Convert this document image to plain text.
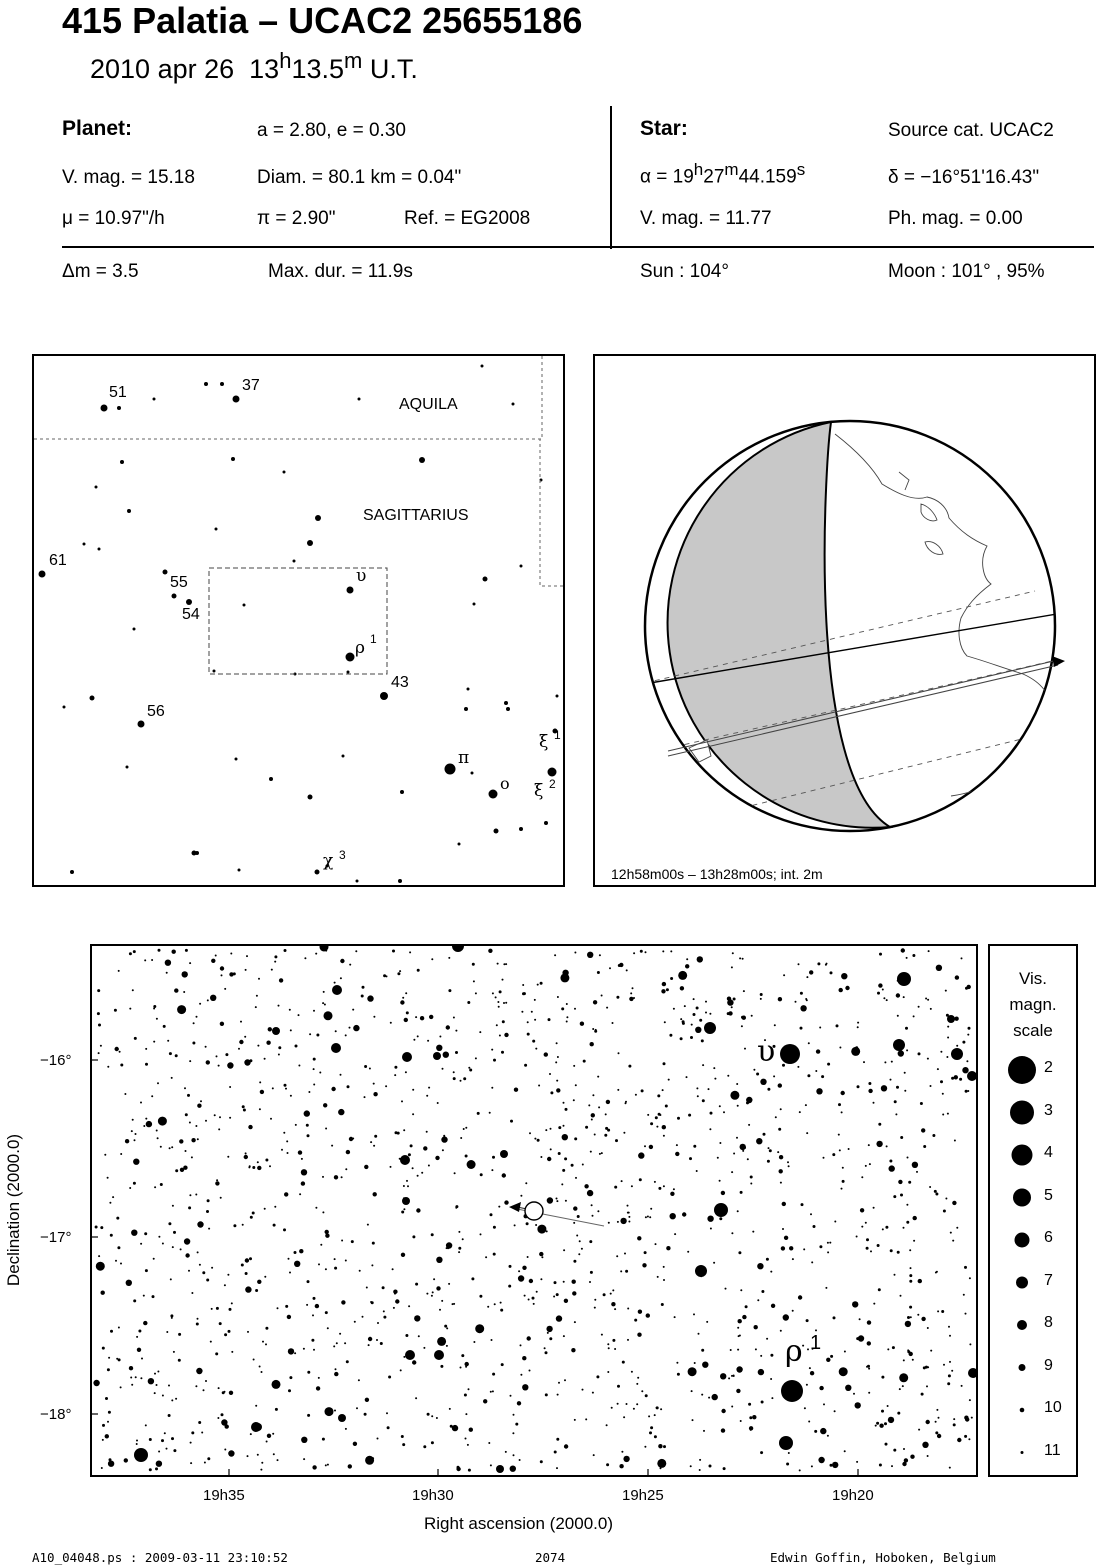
415 Palatia – UCAC2 25655186
2010 apr 26 13$^h$13.5$^m$ U.T.
Planet:	a = 2.80, e = 0.30
V. mag. = 15.18	Diam. = 80.1 km = 0.04"
μ = 10.97"/h	π = 2.90"	Ref. = EG2008
Star:	Source cat. UCAC2
$\alpha = 19^h27^m44.159^s$	δ = −16°51'16.43"
V. mag. = 11.77	Ph. mag. = 0.00
Δm = 3.5	Max. dur. = 11.9s	Sun : 104°	Moon : 101° , 95%
AQUILA
SAGITTARIUS
51	37
61
55
54
43
56
υ
ρ 1
π
o
ξ 1
ξ 2
χ 3
12h58m00s – 13h28m00s; int. 2m
υ
ρ 1
−16°
−17°
−18°
19h35	19h30	19h25	19h20
Right ascension (2000.0)
Declination (2000.0)
Vis.
magn.
scale
2
3
4
5
6
7
8
9
10
11
A10_04048.ps : 2009-03-11 23:10:52	2074	Edwin Goffin, Hoboken, Belgium
